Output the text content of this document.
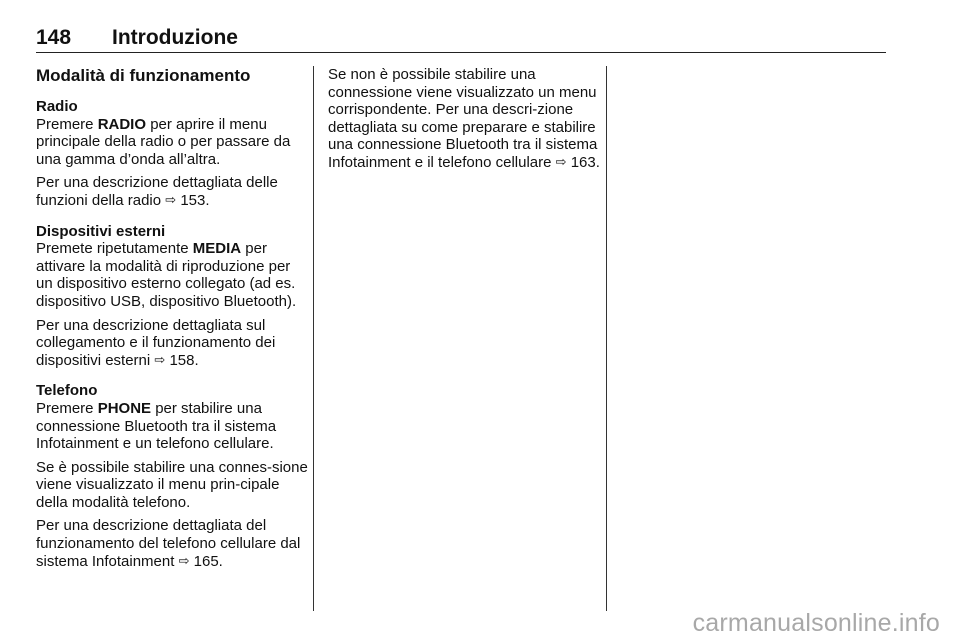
148 Introduzione
Modalità di funzionamento
Radio

Premere RADIO per aprire il menu principale della radio o per passare da una gamma d’onda all’altra.

Per una descrizione dettagliata delle funzioni della radio ⇨ 153.

Dispositivi esterni

Premete ripetutamente MEDIA per attivare la modalità di riproduzione per un dispositivo esterno collegato (ad es. dispositivo USB, dispositivo Bluetooth).

Per una descrizione dettagliata sul collegamento e il funzionamento dei dispositivi esterni ⇨ 158.

Telefono

Premere PHONE per stabilire una connessione Bluetooth tra il sistema Infotainment e un telefono cellulare.

Se è possibile stabilire una connes-sione viene visualizzato il menu prin-cipale della modalità telefono.

Per una descrizione dettagliata del funzionamento del telefono cellulare dal sistema Infotainment ⇨ 165.

Se non è possibile stabilire una connessione viene visualizzato un menu corrispondente. Per una descri-zione dettagliata su come preparare e stabilire una connessione Bluetooth tra il sistema Infotainment e il telefono cellulare ⇨ 163.

carmanualsonline.info
